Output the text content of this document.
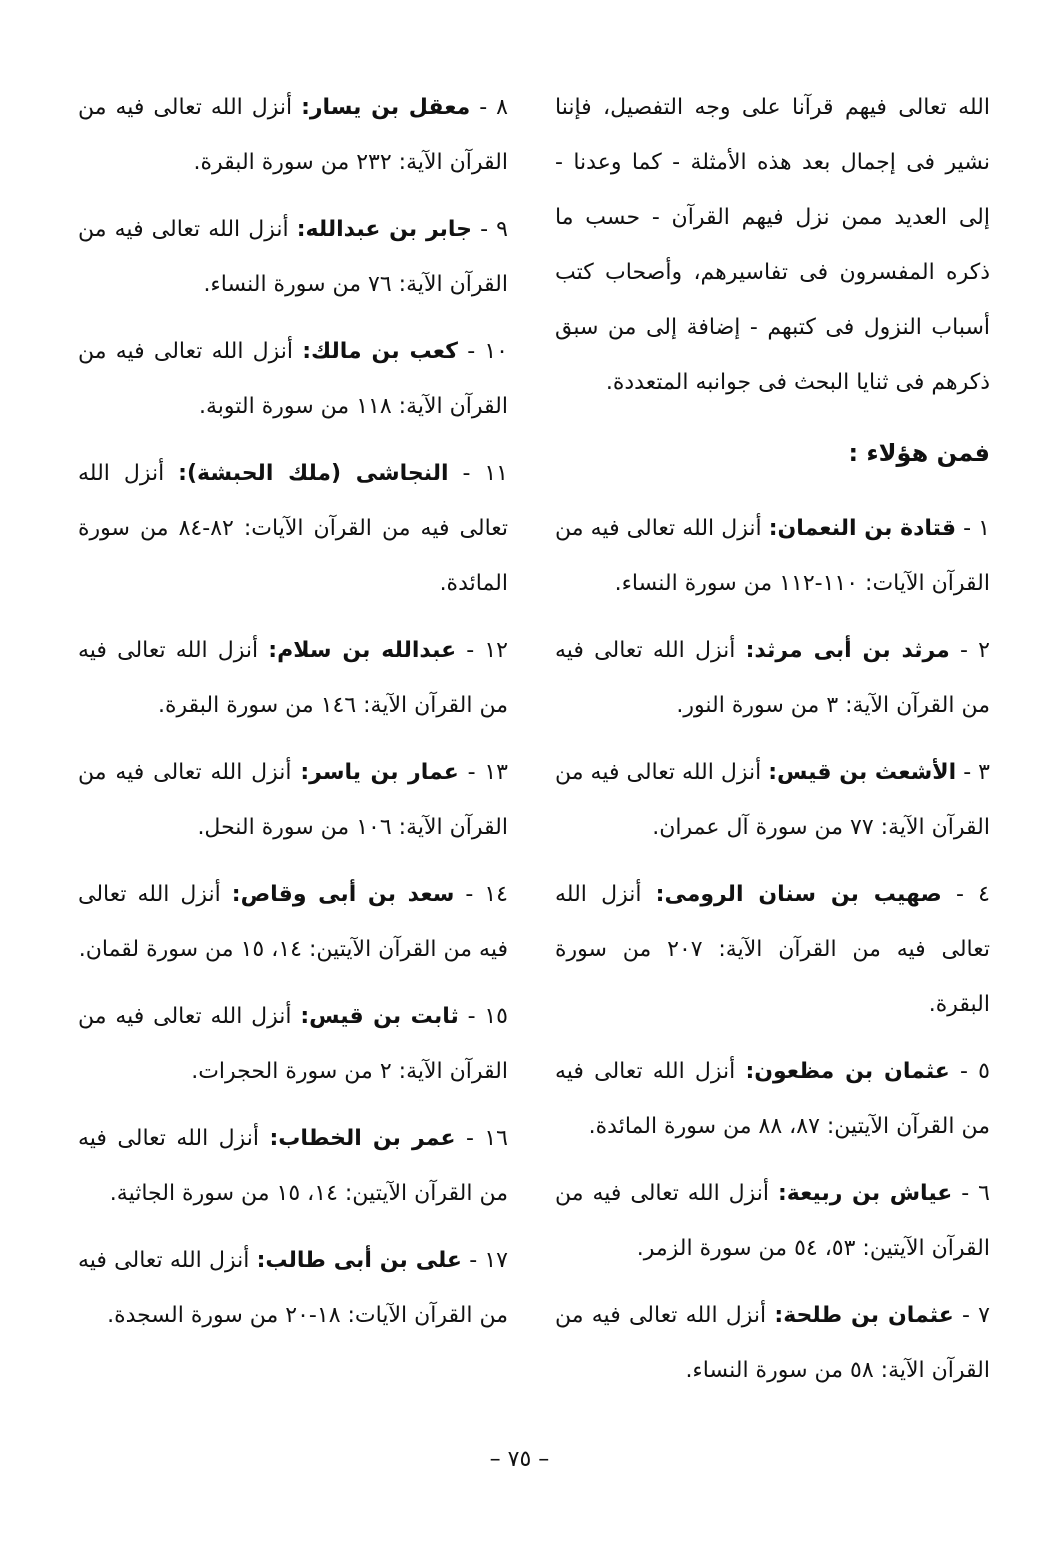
الله تعالى فيهم قرآنا على وجه التفصيل، فإننا نشير فى إجمال بعد هذه الأمثلة - كما وعدنا - إلى العديد ممن نزل فيهم القرآن - حسب ما ذكره المفسرون فى تفاسيرهم، وأصحاب كتب أسباب النزول فى كتبهم - إضافة إلى من سبق ذكرهم فى ثنايا البحث فى جوانبه المتعددة.

فمن هؤلاء :
١ - قتادة بن النعمان: أنزل الله تعالى فيه من القرآن الآيات: ١١٠-١١٢ من سورة النساء.
٢ - مرثد بن أبى مرثد: أنزل الله تعالى فيه من القرآن الآية: ٣ من سورة النور.
٣ - الأشعث بن قيس: أنزل الله تعالى فيه من القرآن الآية: ٧٧ من سورة آل عمران.
٤ - صهيب بن سنان الرومى: أنزل الله تعالى فيه من القرآن الآية: ٢٠٧ من سورة البقرة.
٥ - عثمان بن مظعون: أنزل الله تعالى فيه من القرآن الآيتين: ٨٧، ٨٨ من سورة المائدة.
٦ - عياش بن ربيعة: أنزل الله تعالى فيه من القرآن الآيتين: ٥٣، ٥٤ من سورة الزمر.
٧ - عثمان بن طلحة: أنزل الله تعالى فيه من القرآن الآية: ٥٨ من سورة النساء.
٨ - معقل بن يسار: أنزل الله تعالى فيه من القرآن الآية: ٢٣٢ من سورة البقرة.
٩ - جابر بن عبدالله: أنزل الله تعالى فيه من القرآن الآية: ٧٦ من سورة النساء.
١٠ - كعب بن مالك: أنزل الله تعالى فيه من القرآن الآية: ١١٨ من سورة التوبة.
١١ - النجاشى (ملك الحبشة): أنزل الله تعالى فيه من القرآن الآيات: ٨٢-٨٤ من سورة المائدة.
١٢ - عبدالله بن سلام: أنزل الله تعالى فيه من القرآن الآية: ١٤٦ من سورة البقرة.
١٣ - عمار بن ياسر: أنزل الله تعالى فيه من القرآن الآية: ١٠٦ من سورة النحل.
١٤ - سعد بن أبى وقاص: أنزل الله تعالى فيه من القرآن الآيتين: ١٤، ١٥ من سورة لقمان.
١٥ - ثابت بن قيس: أنزل الله تعالى فيه من القرآن الآية: ٢ من سورة الحجرات.
١٦ - عمر بن الخطاب: أنزل الله تعالى فيه من القرآن الآيتين: ١٤، ١٥ من سورة الجاثية.
١٧ - على بن أبى طالب: أنزل الله تعالى فيه من القرآن الآيات: ١٨-٢٠ من سورة السجدة.
– ٧٥ –
